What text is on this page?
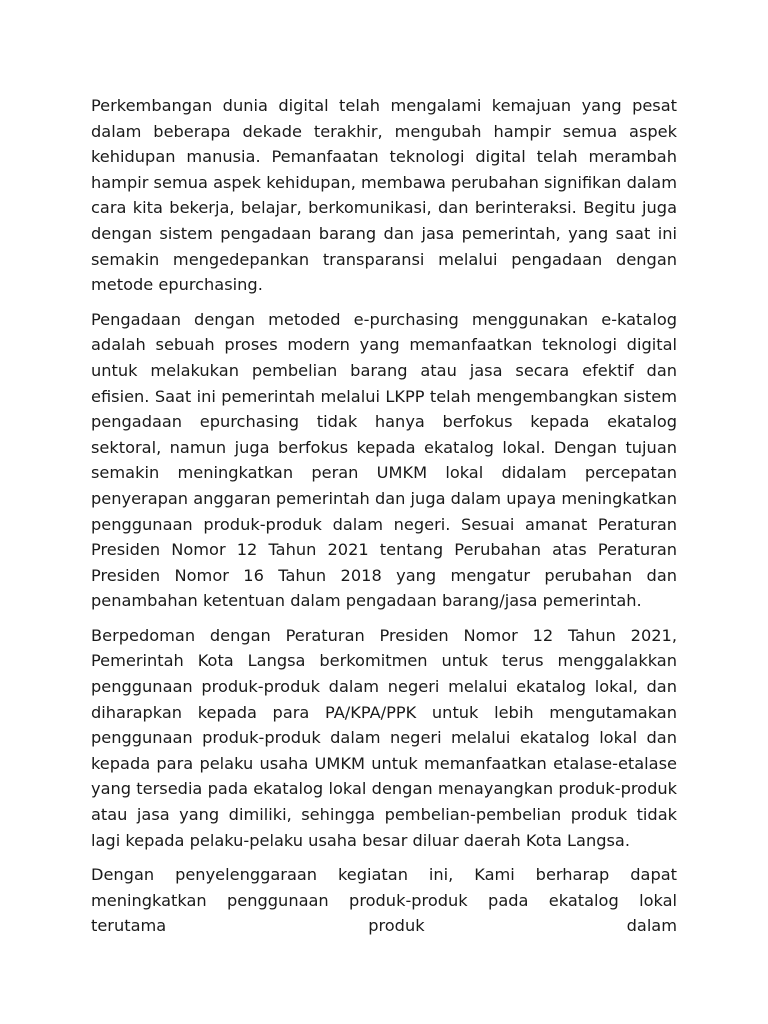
Perkembangan dunia digital telah mengalami kemajuan yang pesat dalam beberapa dekade terakhir, mengubah hampir semua aspek kehidupan manusia. Pemanfaatan teknologi digital telah merambah hampir semua aspek kehidupan, membawa perubahan signifikan dalam cara kita bekerja, belajar, berkomunikasi, dan berinteraksi. Begitu juga dengan sistem pengadaan barang dan jasa pemerintah, yang saat ini semakin mengedepankan transparansi melalui pengadaan dengan metode epurchasing.

Pengadaan dengan metoded e-purchasing menggunakan e-katalog adalah sebuah proses modern yang memanfaatkan teknologi digital untuk melakukan pembelian barang atau jasa secara efektif dan efisien. Saat ini pemerintah melalui LKPP telah mengembangkan sistem pengadaan epurchasing tidak hanya berfokus kepada ekatalog sektoral, namun juga berfokus kepada ekatalog lokal. Dengan tujuan semakin meningkatkan peran UMKM lokal didalam percepatan penyerapan anggaran pemerintah dan juga dalam upaya meningkatkan penggunaan produk-produk dalam negeri. Sesuai amanat Peraturan Presiden Nomor 12 Tahun 2021 tentang Perubahan atas Peraturan Presiden Nomor 16 Tahun 2018 yang mengatur perubahan dan penambahan ketentuan dalam pengadaan barang/jasa pemerintah.

Berpedoman dengan Peraturan Presiden Nomor 12 Tahun 2021, Pemerintah Kota Langsa berkomitmen untuk terus menggalakkan penggunaan produk-produk dalam negeri melalui ekatalog lokal, dan diharapkan kepada para PA/KPA/PPK untuk lebih mengutamakan penggunaan produk-produk dalam negeri melalui ekatalog lokal dan kepada para pelaku usaha UMKM untuk memanfaatkan etalase-etalase yang tersedia pada ekatalog lokal dengan menayangkan produk-produk atau jasa yang dimiliki, sehingga pembelian-pembelian produk tidak lagi kepada pelaku-pelaku usaha besar diluar daerah Kota Langsa.

Dengan penyelenggaraan kegiatan ini, Kami berharap dapat meningkatkan penggunaan produk-produk pada ekatalog lokal terutama produk dalam
